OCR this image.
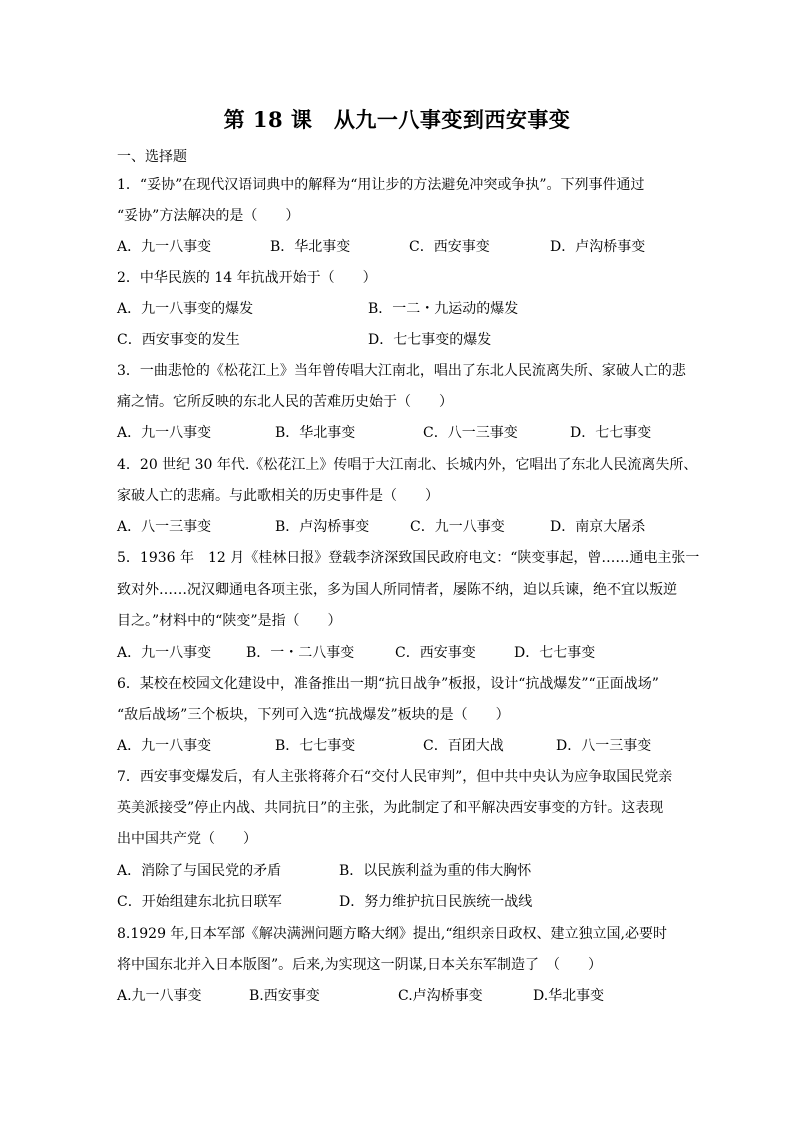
第 18 课　从九一八事变到西安事变
一、选择题
1．“妥协”在现代汉语词典中的解释为“用让步的方法避免冲突或争执”。下列事件通过
“妥协”方法解决的是（　　）
A．九一八事变	B．华北事变	C．西安事变	D．卢沟桥事变
2．中华民族的 14 年抗战开始于（　　）
A．九一八事变的爆发	B．一二・九运动的爆发
C．西安事变的发生	D．七七事变的爆发
3．一曲悲怆的《松花江上》当年曾传唱大江南北，唱出了东北人民流离失所、家破人亡的悲
痛之情。它所反映的东北人民的苦难历史始于（　　）
A．九一八事变	B．华北事变	C．八一三事变	D．七七事变
4．20 世纪 30 年代.《松花江上》传唱于大江南北、长城内外，它唱出了东北人民流离失所、
家破人亡的悲痛。与此歌相关的历史事件是（　　）
A．八一三事变	B．卢沟桥事变	C．九一八事变	D．南京大屠杀
5．1936 年　12 月《桂林日报》登载李济深致国民政府电文：“陕变事起，曾……通电主张一
致对外……况汉卿通电各项主张，多为国人所同情者，屡陈不纳，迫以兵谏，绝不宜以叛逆
目之。”材料中的“陕变”是指（　　）
A．九一八事变 B．一・二八事变	C．西安事变	D．七七事变
6．某校在校园文化建设中，准备推出一期“抗日战争”板报，设计“抗战爆发”“正面战场”
“敌后战场”三个板块，下列可入选“抗战爆发”板块的是（　　）
A．九一八事变	B．七七事变	C．百团大战	D．八一三事变
7．西安事变爆发后，有人主张将蒋介石“交付人民审判”，但中共中央认为应争取国民党亲
英美派接受”停止内战、共同抗日”的主张，为此制定了和平解决西安事变的方针。这表现
出中国共产党（　　）
A．消除了与国民党的矛盾	B．以民族利益为重的伟大胸怀
C．开始组建东北抗日联军	D．努力维护抗日民族统一战线
8.1929 年,日本军部《解决满洲问题方略大纲》提出,“组织亲日政权、建立独立国,必要时
将中国东北并入日本版图”。后来,为实现这一阴谋,日本关东军制造了　（　　）
A.九一八事变	B.西安事变	C.卢沟桥事变	D.华北事变
